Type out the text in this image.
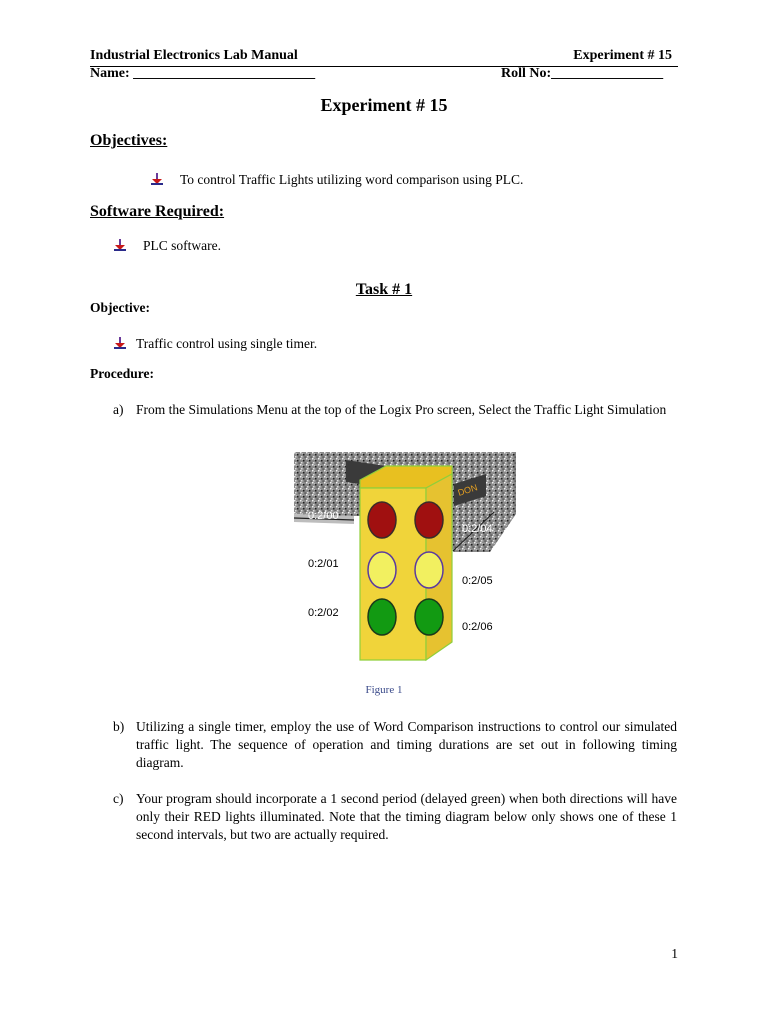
Industrial Electronics Lab Manual	Experiment # 15
Name: __________________________	Roll No:________________
Experiment # 15
Objectives:
To control Traffic Lights utilizing word comparison using PLC.
Software Required:
PLC software.
Task # 1
Objective:
Traffic control using single timer.
Procedure:
a) From the Simulations Menu at the top of the Logix Pro screen, Select the Traffic Light Simulation
DON
0:2/00
0:2/01
0:2/02
0:2/04
0:2/05
0:2/06
Figure 1
b) Utilizing a single timer, employ the use of Word Comparison instructions to control our simulated traffic light. The sequence of operation and timing durations are set out in following timing diagram.
c) Your program should incorporate a 1 second period (delayed green) when both directions will have only their RED lights illuminated. Note that the timing diagram below only shows one of these 1 second intervals, but two are actually required.
1
